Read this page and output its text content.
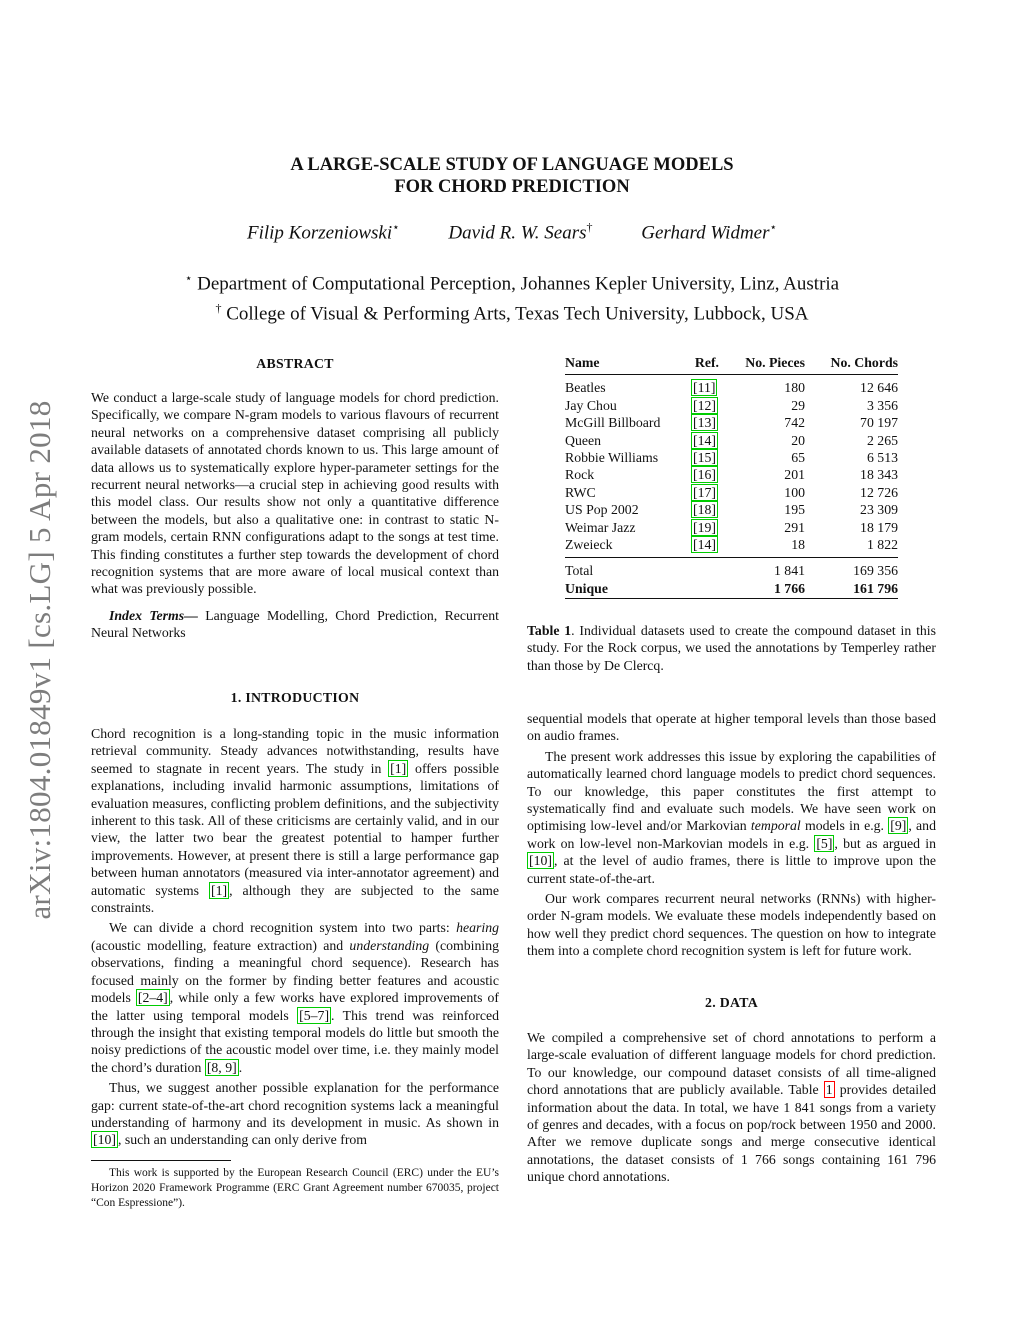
arXiv:1804.01849v1 [cs.LG] 5 Apr 2018
A LARGE-SCALE STUDY OF LANGUAGE MODELS
FOR CHORD PREDICTION
Filip Korzeniowski⋆	David R. W. Sears†	Gerhard Widmer⋆
⋆ Department of Computational Perception, Johannes Kepler University, Linz, Austria
† College of Visual & Performing Arts, Texas Tech University, Lubbock, USA
ABSTRACT

We conduct a large-scale study of language models for chord prediction. Specifically, we compare N-gram models to various flavours of recurrent neural networks on a comprehensive dataset comprising all publicly available datasets of annotated chords known to us. This large amount of data allows us to systematically explore hyper-parameter settings for the recurrent neural networks—a crucial step in achieving good results with this model class. Our results show not only a quantitative difference between the models, but also a qualitative one: in contrast to static N-gram models, certain RNN configurations adapt to the songs at test time. This finding constitutes a further step towards the development of chord recognition systems that are more aware of local musical context than what was previously possible.

Index Terms— Language Modelling, Chord Prediction, Recurrent Neural Networks

1. INTRODUCTION

Chord recognition is a long-standing topic in the music information retrieval community. Steady advances notwithstanding, results have seemed to stagnate in recent years. The study in [1] offers possible explanations, including invalid harmonic assumptions, limitations of evaluation measures, conflicting problem definitions, and the subjectivity inherent to this task. All of these criticisms are certainly valid, and in our view, the latter two bear the greatest potential to hamper further improvements. However, at present there is still a large performance gap between human annotators (measured via inter-annotator agreement) and automatic systems [1] , although they are subjected to the same constraints.

We can divide a chord recognition system into two parts: hearing (acoustic modelling, feature extraction) and understanding (combining observations, finding a meaningful chord sequence). Research has focused mainly on the former by finding better features and acoustic models [2–4] , while only a few works have explored improvements of the latter using temporal models [5–7] . This trend was reinforced through the insight that existing temporal models do little but smooth the noisy predictions of the acoustic model over time, i.e. they mainly model the chord’s duration [8, 9] .

Thus, we suggest another possible explanation for the performance gap: current state-of-the-art chord recognition systems lack a meaningful understanding of harmony and its development in music. As shown in [10] , such an understanding can only derive from

This work is supported by the European Research Council (ERC) under the EU’s Horizon 2020 Framework Programme (ERC Grant Agreement number 670035, project “Con Espressione”).
Name	Ref.	No. Pieces	No. Chords
Beatles	[11]	180	12 646
Jay Chou	[12]	29	3 356
McGill Billboard	[13]	742	70 197
Queen	[14]	20	2 265
Robbie Williams	[15]	65	6 513
Rock	[16]	201	18 343
RWC	[17]	100	12 726
US Pop 2002	[18]	195	23 309
Weimar Jazz	[19]	291	18 179
Zweieck	[14]	18	1 822
Total		1 841	169 356
Unique		1 766	161 796

Table 1. Individual datasets used to create the compound dataset in this study. For the Rock corpus, we used the annotations by Temperley rather than those by De Clercq.

sequential models that operate at higher temporal levels than those based on audio frames.

The present work addresses this issue by exploring the capabilities of automatically learned chord language models to predict chord sequences. To our knowledge, this paper constitutes the first attempt to systematically find and evaluate such models. We have seen work on optimising low-level and/or Markovian temporal models in e.g. [9] , and work on low-level non-Markovian models in e.g. [5] , but as argued in [10] , at the level of audio frames, there is little to improve upon the current state-of-the-art.

Our work compares recurrent neural networks (RNNs) with higher-order N-gram models. We evaluate these models independently based on how well they predict chord sequences. The question on how to integrate them into a complete chord recognition system is left for future work.

2. DATA

We compiled a comprehensive set of chord annotations to perform a large-scale evaluation of different language models for chord prediction. To our knowledge, our compound dataset consists of all time-aligned chord annotations that are publicly available. Table 1 provides detailed information about the data. In total, we have 1 841 songs from a variety of genres and decades, with a focus on pop/rock between 1950 and 2000. After we remove duplicate songs and merge consecutive identical annotations, the dataset consists of 1 766 songs containing 161 796 unique chord annotations.
